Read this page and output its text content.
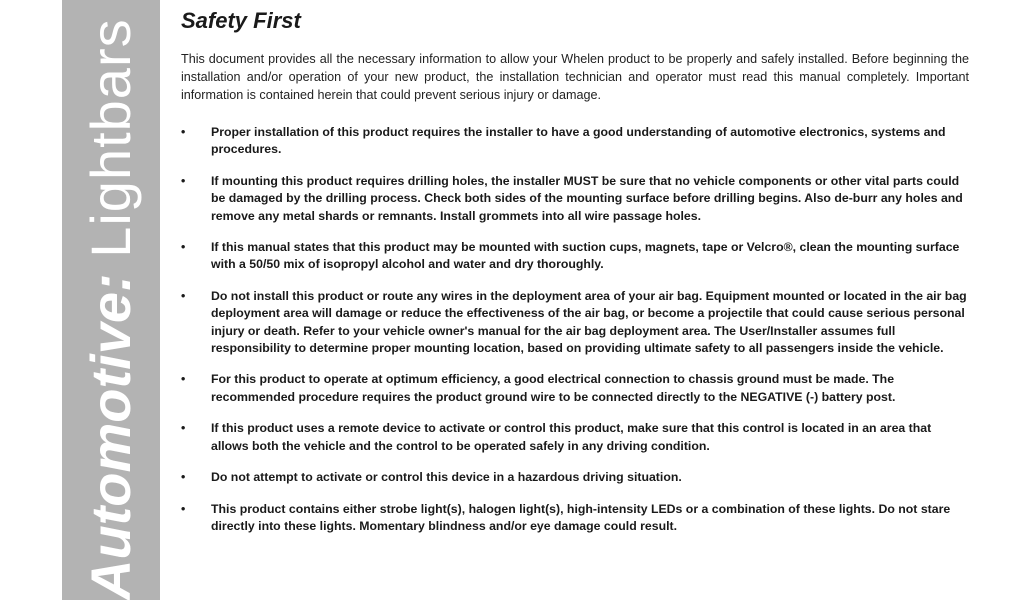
Automotive: Lightbars Safety First

This document provides all the necessary information to allow your Whelen product to be properly and safely installed. Before beginning the installation and/or operation of your new product, the installation technician and operator must read this manual completely. Important information is contained herein that could prevent serious injury or damage.

•	Proper installation of this product requires the installer to have a good understanding of automotive electronics, systems and procedures.
•	If mounting this product requires drilling holes, the installer MUST be sure that no vehicle components or other vital parts could be damaged by the drilling process. Check both sides of the mounting surface before drilling begins. Also de-burr any holes and remove any metal shards or remnants. Install grommets into all wire passage holes.
•	If this manual states that this product may be mounted with suction cups, magnets, tape or Velcro®, clean the mounting surface with a 50/50 mix of isopropyl alcohol and water and dry thoroughly.
•	Do not install this product or route any wires in the deployment area of your air bag. Equipment mounted or located in the air bag deployment area will damage or reduce the effectiveness of the air bag, or become a projectile that could cause serious personal injury or death. Refer to your vehicle owner's manual for the air bag deployment area. The User/Installer assumes full responsibility to determine proper mounting location, based on providing ultimate safety to all passengers inside the vehicle.
•	For this product to operate at optimum efficiency, a good electrical connection to chassis ground must be made. The recommended procedure requires the product ground wire to be connected directly to the NEGATIVE (-) battery post.
•	If this product uses a remote device to activate or control this product, make sure that this control is located in an area that allows both the vehicle and the control to be operated safely in any driving condition.
•	Do not attempt to activate or control this device in a hazardous driving situation.
•	This product contains either strobe light(s), halogen light(s), high-intensity LEDs or a combination of these lights. Do not stare directly into these lights. Momentary blindness and/or eye damage could result.
